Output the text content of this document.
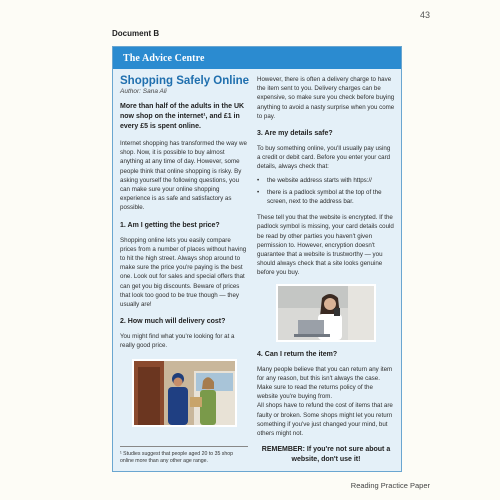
43
Document B
The Advice Centre
Shopping Safely Online
Author: Sana Ali
More than half of the adults in the UK now shop on the internet¹, and £1 in every £5 is spent online.

Internet shopping has transformed the way we shop. Now, it is possible to buy almost anything at any time of day. However, some people think that online shopping is risky. By asking yourself the following questions, you can make sure your online shopping experience is as safe and satisfactory as possible.

1. Am I getting the best price?

Shopping online lets you easily compare prices from a number of places without having to hit the high street. Always shop around to make sure the price you're paying is the best one. Look out for sales and special offers that can get you big discounts. Beware of prices that look too good to be true though — they usually are!

2. How much will delivery cost?

You might find what you're looking for at a really good price.

¹ Studies suggest that people aged 20 to 35 shop online more than any other age range.

However, there is often a delivery charge to have the item sent to you. Delivery charges can be expensive, so make sure you check before buying anything to avoid a nasty surprise when you come to pay.

3. Are my details safe?

To buy something online, you'll usually pay using a credit or debit card. Before you enter your card details, always check that:

• the website address starts with https://
• there is a padlock symbol at the top of the screen, next to the address bar.

These tell you that the website is encrypted. If the padlock symbol is missing, your card details could be read by other parties you haven't given permission to. However, encryption doesn't guarantee that a website is trustworthy — you should always check that a site looks genuine before you buy.

4. Can I return the item?

Many people believe that you can return any item for any reason, but this isn't always the case. Make sure to read the returns policy of the website you're buying from.

All shops have to refund the cost of items that are faulty or broken. Some shops might let you return something if you've just changed your mind, but others might not.

REMEMBER: If you're not sure about a website, don't use it!
Reading Practice Paper
